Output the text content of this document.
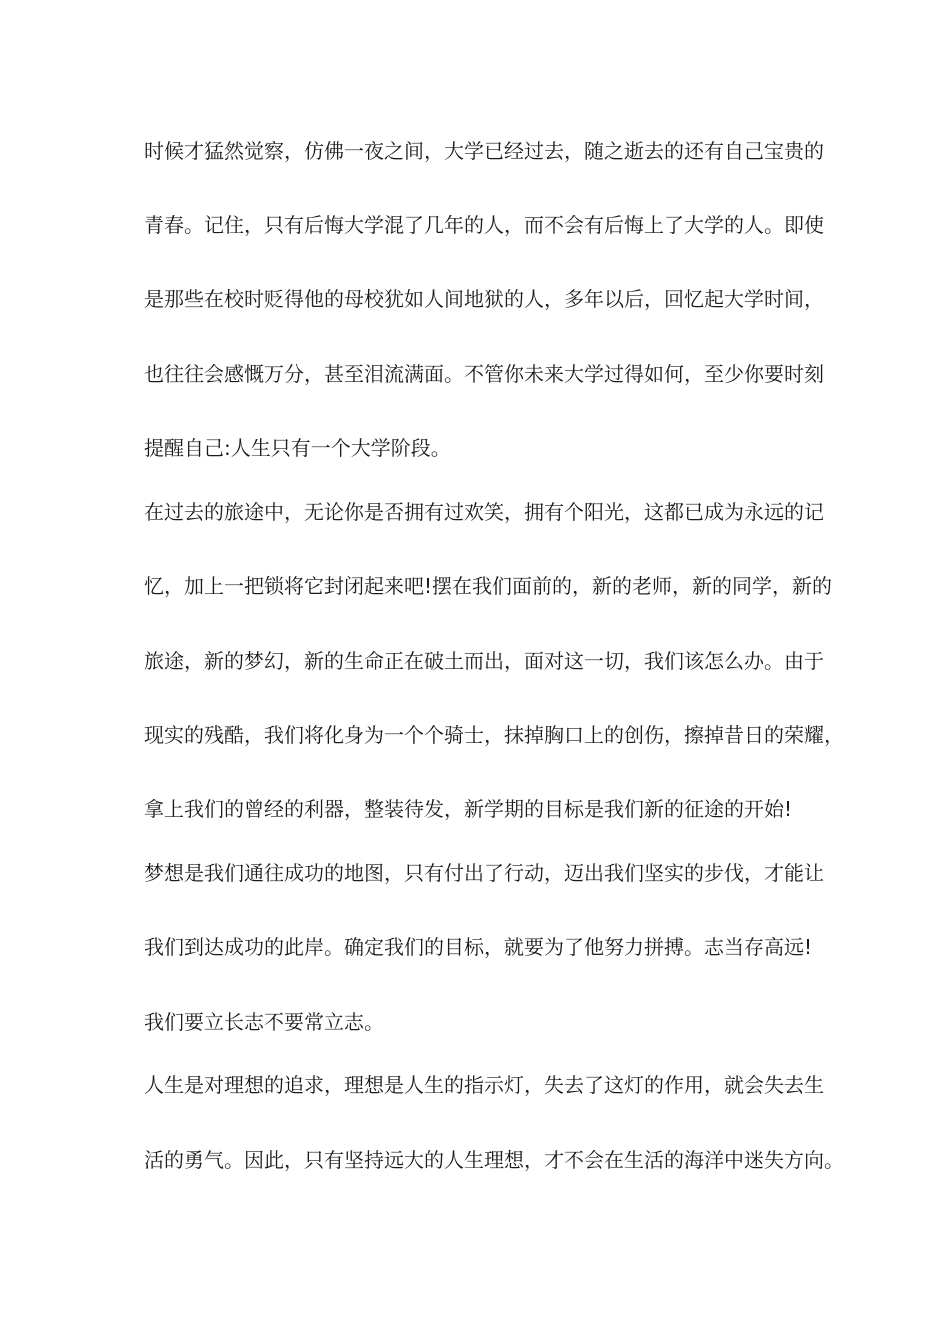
时候才猛然觉察，仿佛一夜之间，大学已经过去，随之逝去的还有自己宝贵的
青春。记住，只有后悔大学混了几年的人，而不会有后悔上了大学的人。即使
是那些在校时贬得他的母校犹如人间地狱的人，多年以后，回忆起大学时间，
也往往会感慨万分，甚至泪流满面。不管你未来大学过得如何，至少你要时刻
提醒自己:人生只有一个大学阶段。
在过去的旅途中，无论你是否拥有过欢笑，拥有个阳光，这都已成为永远的记
忆，加上一把锁将它封闭起来吧!摆在我们面前的，新的老师，新的同学，新的
旅途，新的梦幻，新的生命正在破土而出，面对这一切，我们该怎么办。由于
现实的残酷，我们将化身为一个个骑士，抹掉胸口上的创伤，擦掉昔日的荣耀，
拿上我们的曾经的利器，整装待发，新学期的目标是我们新的征途的开始!
梦想是我们通往成功的地图，只有付出了行动，迈出我们坚实的步伐，才能让
我们到达成功的此岸。确定我们的目标，就要为了他努力拼搏。志当存高远!
我们要立长志不要常立志。
人生是对理想的追求，理想是人生的指示灯，失去了这灯的作用，就会失去生
活的勇气。因此，只有坚持远大的人生理想，才不会在生活的海洋中迷失方向。
